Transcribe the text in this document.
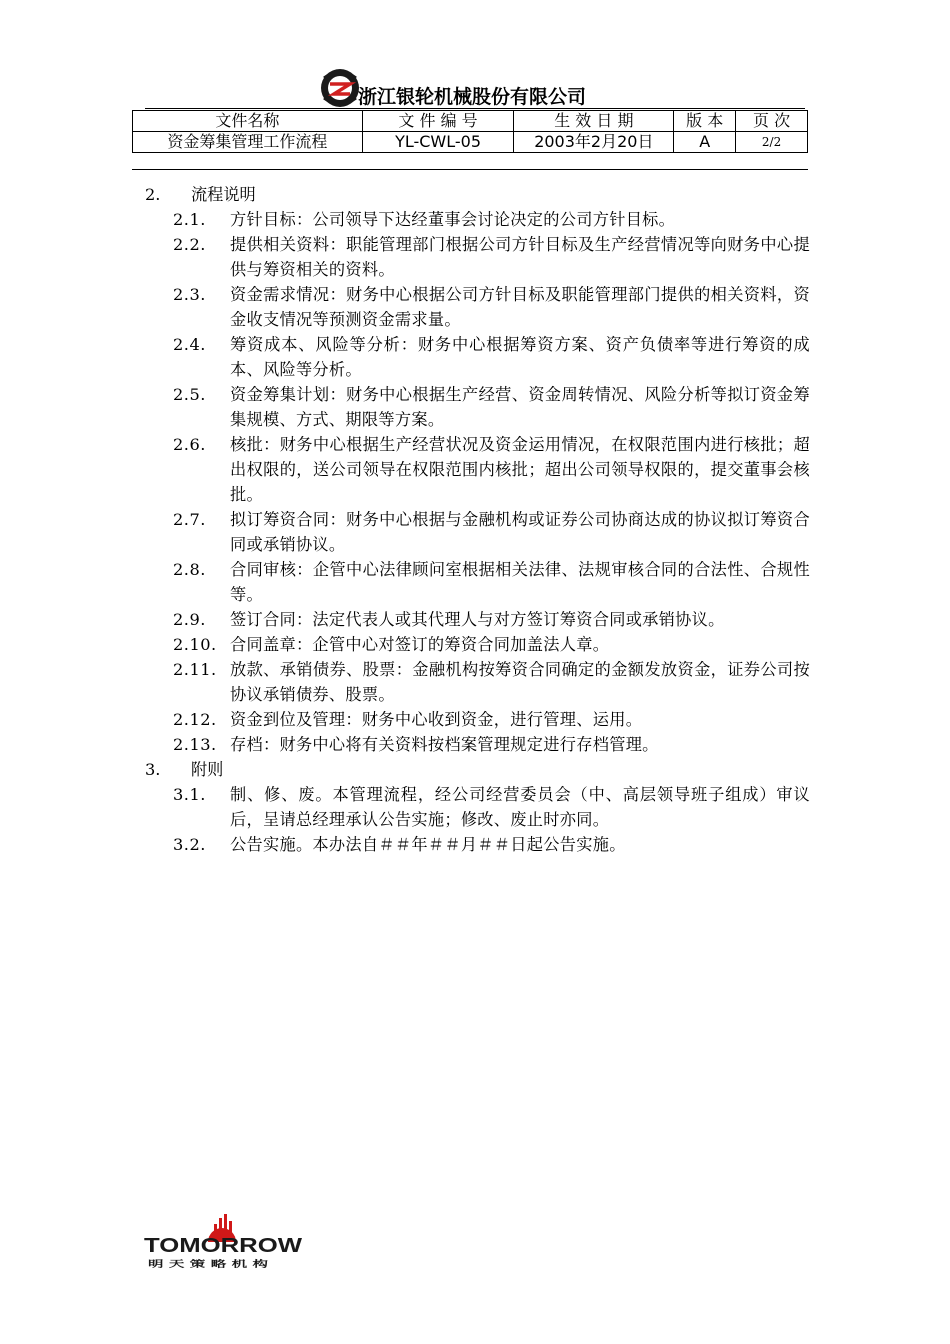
浙江银轮机械股份有限公司
文件名称	文 件 编 号	生 效 日 期	版 本	页 次
资金筹集管理工作流程	YL-CWL-05	2003年2月20日	A	2/2
2. 流程说明
2.1.	方针目标：公司领导下达经董事会讨论决定的公司方针目标。
2.2.	提供相关资料：职能管理部门根据公司方针目标及生产经营情况等向财务中心提供与筹资相关的资料。
2.3.	资金需求情况：财务中心根据公司方针目标及职能管理部门提供的相关资料，资金收支情况等预测资金需求量。
2.4.	筹资成本、风险等分析：财务中心根据筹资方案、资产负债率等进行筹资的成本、风险等分析。
2.5.	资金筹集计划：财务中心根据生产经营、资金周转情况、风险分析等拟订资金筹集规模、方式、期限等方案。
2.6.	核批：财务中心根据生产经营状况及资金运用情况，在权限范围内进行核批；超出权限的，送公司领导在权限范围内核批；超出公司领导权限的，提交董事会核批。
2.7.	拟订筹资合同：财务中心根据与金融机构或证券公司协商达成的协议拟订筹资合同或承销协议。
2.8.	合同审核：企管中心法律顾问室根据相关法律、法规审核合同的合法性、合规性等。
2.9.	签订合同：法定代表人或其代理人与对方签订筹资合同或承销协议。
2.10. 合同盖章：企管中心对签订的筹资合同加盖法人章。
2.11. 放款、承销债券、股票：金融机构按筹资合同确定的金额发放资金，证券公司按协议承销债券、股票。
2.12. 资金到位及管理：财务中心收到资金，进行管理、运用。
2.13. 存档：财务中心将有关资料按档案管理规定进行存档管理。
3. 附则
3.1.	制、修、废。本管理流程，经公司经营委员会（中、高层领导班子组成）审议后，呈请总经理承认公告实施；修改、废止时亦同。
3.2.	公告实施。本办法自＃＃年＃＃月＃＃日起公告实施。
TOMORROW
明 天 策 略 机 构
